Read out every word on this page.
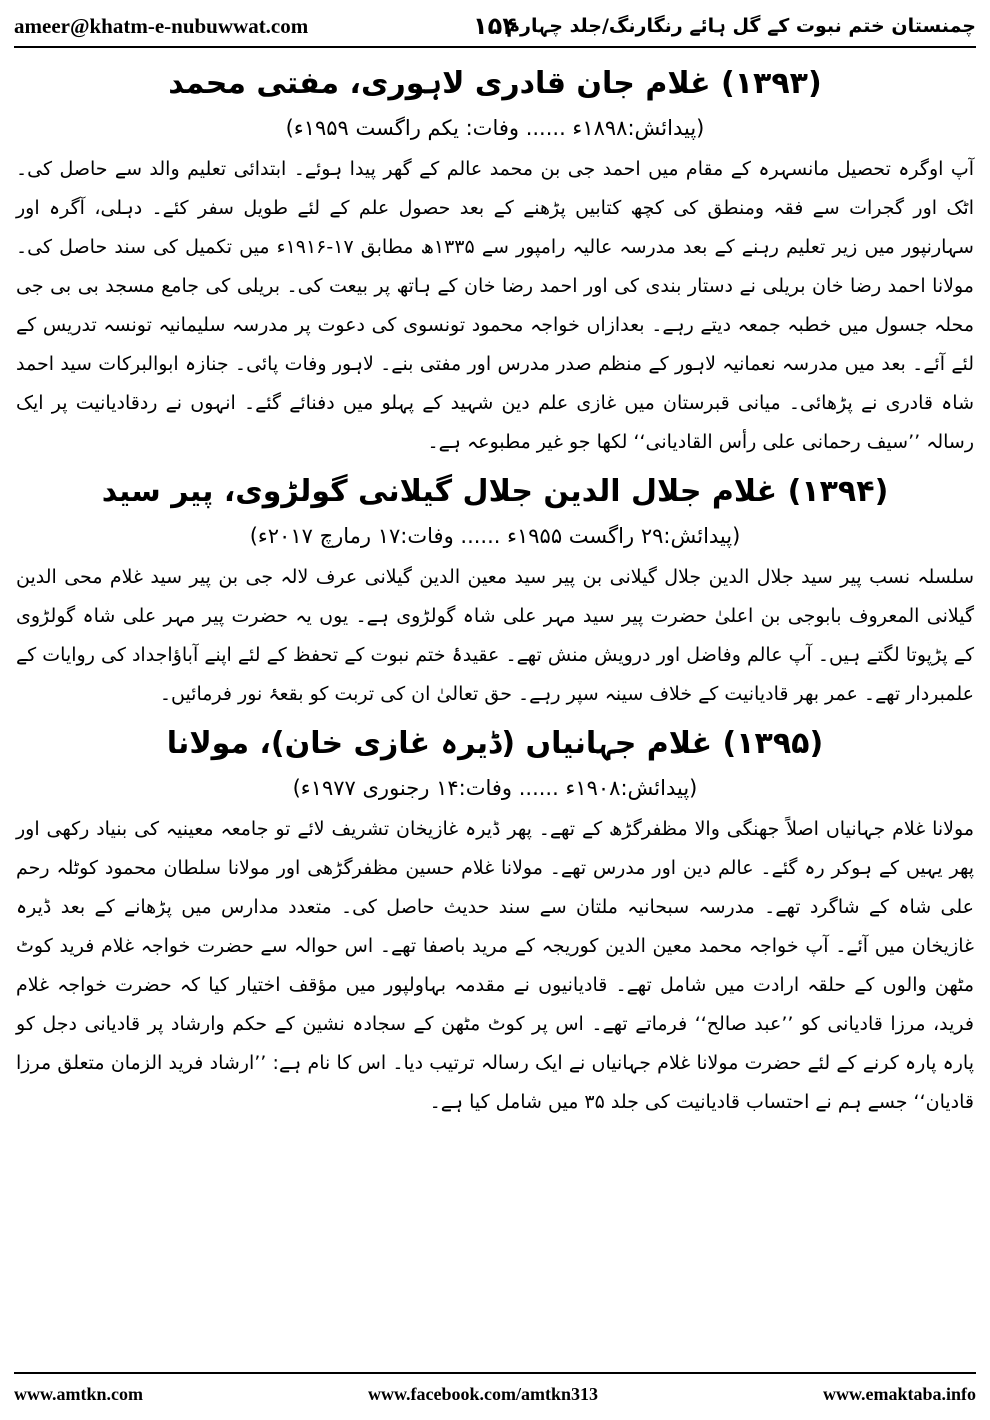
ameer@khatm-e-nubuwwat.com	۱۵۴
چمنستان ختم نبوت کے گل ہائے رنگارنگ/جلد چہارم
(۱۳۹۳) غلام جان قادری لاہوری، مفتی محمد
(پیدائش:۱۸۹۸ء ...... وفات: یکم راگست ۱۹۵۹ء)

آپ اوگرہ تحصیل مانسہرہ کے مقام میں احمد جی بن محمد عالم کے گھر پیدا ہوئے۔ ابتدائی تعلیم والد سے حاصل کی۔ اٹک اور گجرات سے فقہ ومنطق کی کچھ کتابیں پڑھنے کے بعد حصول علم کے لئے طویل سفر کئے۔ دہلی، آگرہ اور سہارنپور میں زیر تعلیم رہنے کے بعد مدرسہ عالیہ رامپور سے ۱۳۳۵ھ مطابق ۱۷-۱۹۱۶ء میں تکمیل کی سند حاصل کی۔ مولانا احمد رضا خان بریلی نے دستار بندی کی اور احمد رضا خان کے ہاتھ پر بیعت کی۔ بریلی کی جامع مسجد بی بی جی محلہ جسول میں خطبہ جمعہ دیتے رہے۔ بعدازاں خواجہ محمود تونسوی کی دعوت پر مدرسہ سلیمانیہ تونسہ تدریس کے لئے آئے۔ بعد میں مدرسہ نعمانیہ لاہور کے منظم صدر مدرس اور مفتی بنے۔ لاہور وفات پائی۔ جنازہ ابوالبرکات سید احمد شاہ قادری نے پڑھائی۔ میانی قبرستان میں غازی علم دین شہید کے پہلو میں دفنائے گئے۔ انہوں نے ردقادیانیت پر ایک رسالہ ’’سیف رحمانی علی رأس القادیانی‘‘ لکھا جو غیر مطبوعہ ہے۔

(۱۳۹۴) غلام جلال الدین جلال گیلانی گولڑوی، پیر سید
(پیدائش:۲۹ راگست ۱۹۵۵ء ...... وفات:۱۷ رمارچ ۲۰۱۷ء)

سلسلہ نسب پیر سید جلال الدین جلال گیلانی بن پیر سید معین الدین گیلانی عرف لالہ جی بن پیر سید غلام محی الدین گیلانی المعروف بابوجی بن اعلیٰ حضرت پیر سید مہر علی شاہ گولڑوی ہے۔ یوں یہ حضرت پیر مہر علی شاہ گولڑوی کے پڑپوتا لگتے ہیں۔ آپ عالم وفاضل اور درویش منش تھے۔ عقیدۂ ختم نبوت کے تحفظ کے لئے اپنے آباؤاجداد کی روایات کے علمبردار تھے۔ عمر بھر قادیانیت کے خلاف سینہ سپر رہے۔ حق تعالیٰ ان کی تربت کو بقعۂ نور فرمائیں۔

(۱۳۹۵) غلام جہانیاں (ڈیرہ غازی خان)، مولانا
(پیدائش:۱۹۰۸ء ...... وفات:۱۴ رجنوری ۱۹۷۷ء)

مولانا غلام جہانیاں اصلاً جھنگی والا مظفرگڑھ کے تھے۔ پھر ڈیرہ غازیخان تشریف لائے تو جامعہ معینیہ کی بنیاد رکھی اور پھر یہیں کے ہوکر رہ گئے۔ عالم دین اور مدرس تھے۔ مولانا غلام حسین مظفرگڑھی اور مولانا سلطان محمود کوٹلہ رحم علی شاہ کے شاگرد تھے۔ مدرسہ سبحانیہ ملتان سے سند حدیث حاصل کی۔ متعدد مدارس میں پڑھانے کے بعد ڈیرہ غازیخان میں آئے۔ آپ خواجہ محمد معین الدین کوریجہ کے مرید باصفا تھے۔ اس حوالہ سے حضرت خواجہ غلام فرید کوٹ مٹھن والوں کے حلقہ ارادت میں شامل تھے۔ قادیانیوں نے مقدمہ بہاولپور میں مؤقف اختیار کیا کہ حضرت خواجہ غلام فرید، مرزا قادیانی کو ’’عبد صالح‘‘ فرماتے تھے۔ اس پر کوٹ مٹھن کے سجادہ نشین کے حکم وارشاد پر قادیانی دجل کو پارہ پارہ کرنے کے لئے حضرت مولانا غلام جہانیاں نے ایک رسالہ ترتیب دیا۔ اس کا نام ہے: ’’ارشاد فرید الزمان متعلق مرزا قادیان‘‘ جسے ہم نے احتساب قادیانیت کی جلد ۳۵ میں شامل کیا ہے۔

www.amtkn.com	www.facebook.com/amtkn313	www.emaktaba.info
